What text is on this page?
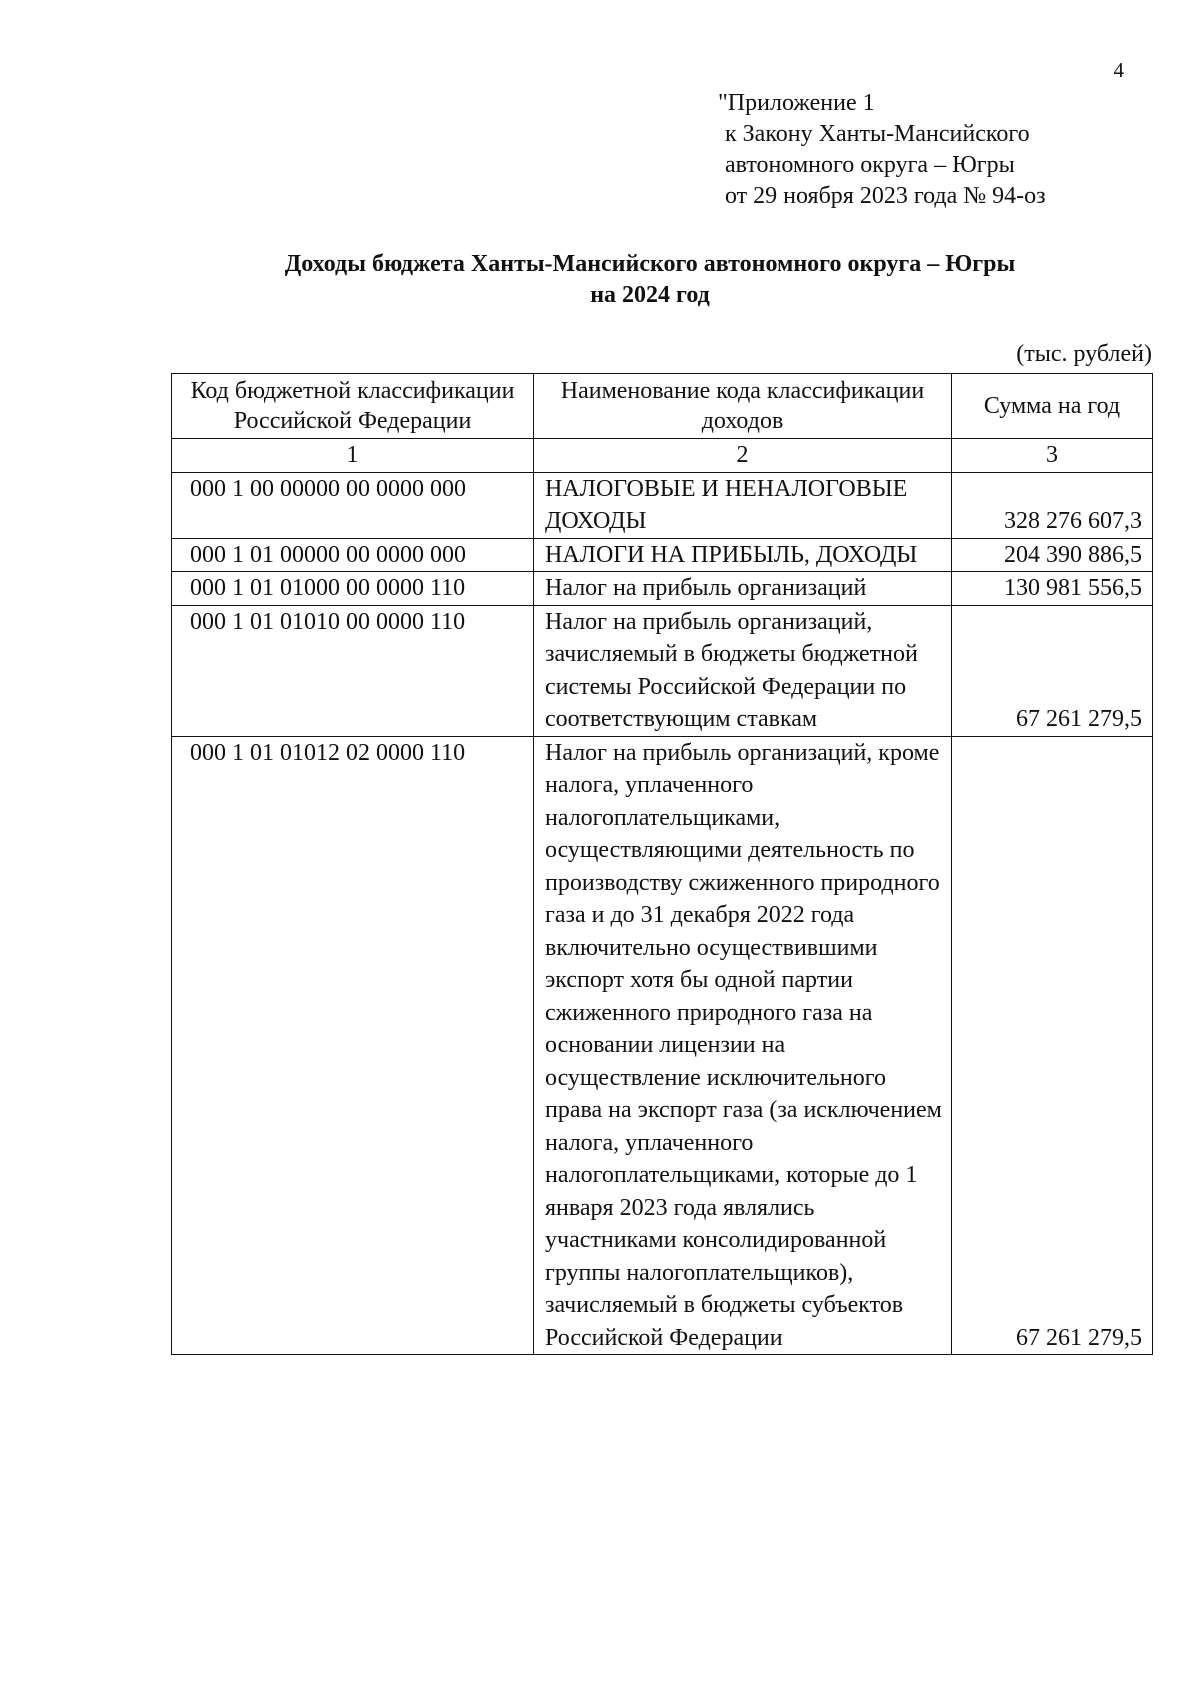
4
"Приложение 1
к Закону Ханты-Мансийского
автономного округа – Югры
от 29 ноября 2023 года № 94-оз
Доходы бюджета Ханты-Мансийского автономного округа – Югры
на 2024 год
(тыс. рублей)
Код бюджетной классификации Российской Федерации	Наименование кода классификации доходов	Сумма на год
1	2	3
000 1 00 00000 00 0000 000	НАЛОГОВЫЕ И НЕНАЛОГОВЫЕ ДОХОДЫ	328 276 607,3
000 1 01 00000 00 0000 000	НАЛОГИ НА ПРИБЫЛЬ, ДОХОДЫ	204 390 886,5
000 1 01 01000 00 0000 110	Налог на прибыль организаций	130 981 556,5
000 1 01 01010 00 0000 110	Налог на прибыль организаций, зачисляемый в бюджеты бюджетной системы Российской Федерации по соответствующим ставкам	67 261 279,5
000 1 01 01012 02 0000 110	Налог на прибыль организаций, кроме налога, уплаченного налогоплательщиками, осуществляющими деятельность по производству сжиженного природного газа и до 31 декабря 2022 года включительно осуществившими экспорт хотя бы одной партии сжиженного природного газа на основании лицензии на осуществление исключительного права на экспорт газа (за исключением налога, уплаченного налогоплательщиками, которые до 1 января 2023 года являлись участниками консолидированной группы налогоплательщиков), зачисляемый в бюджеты субъектов Российской Федерации	67 261 279,5
